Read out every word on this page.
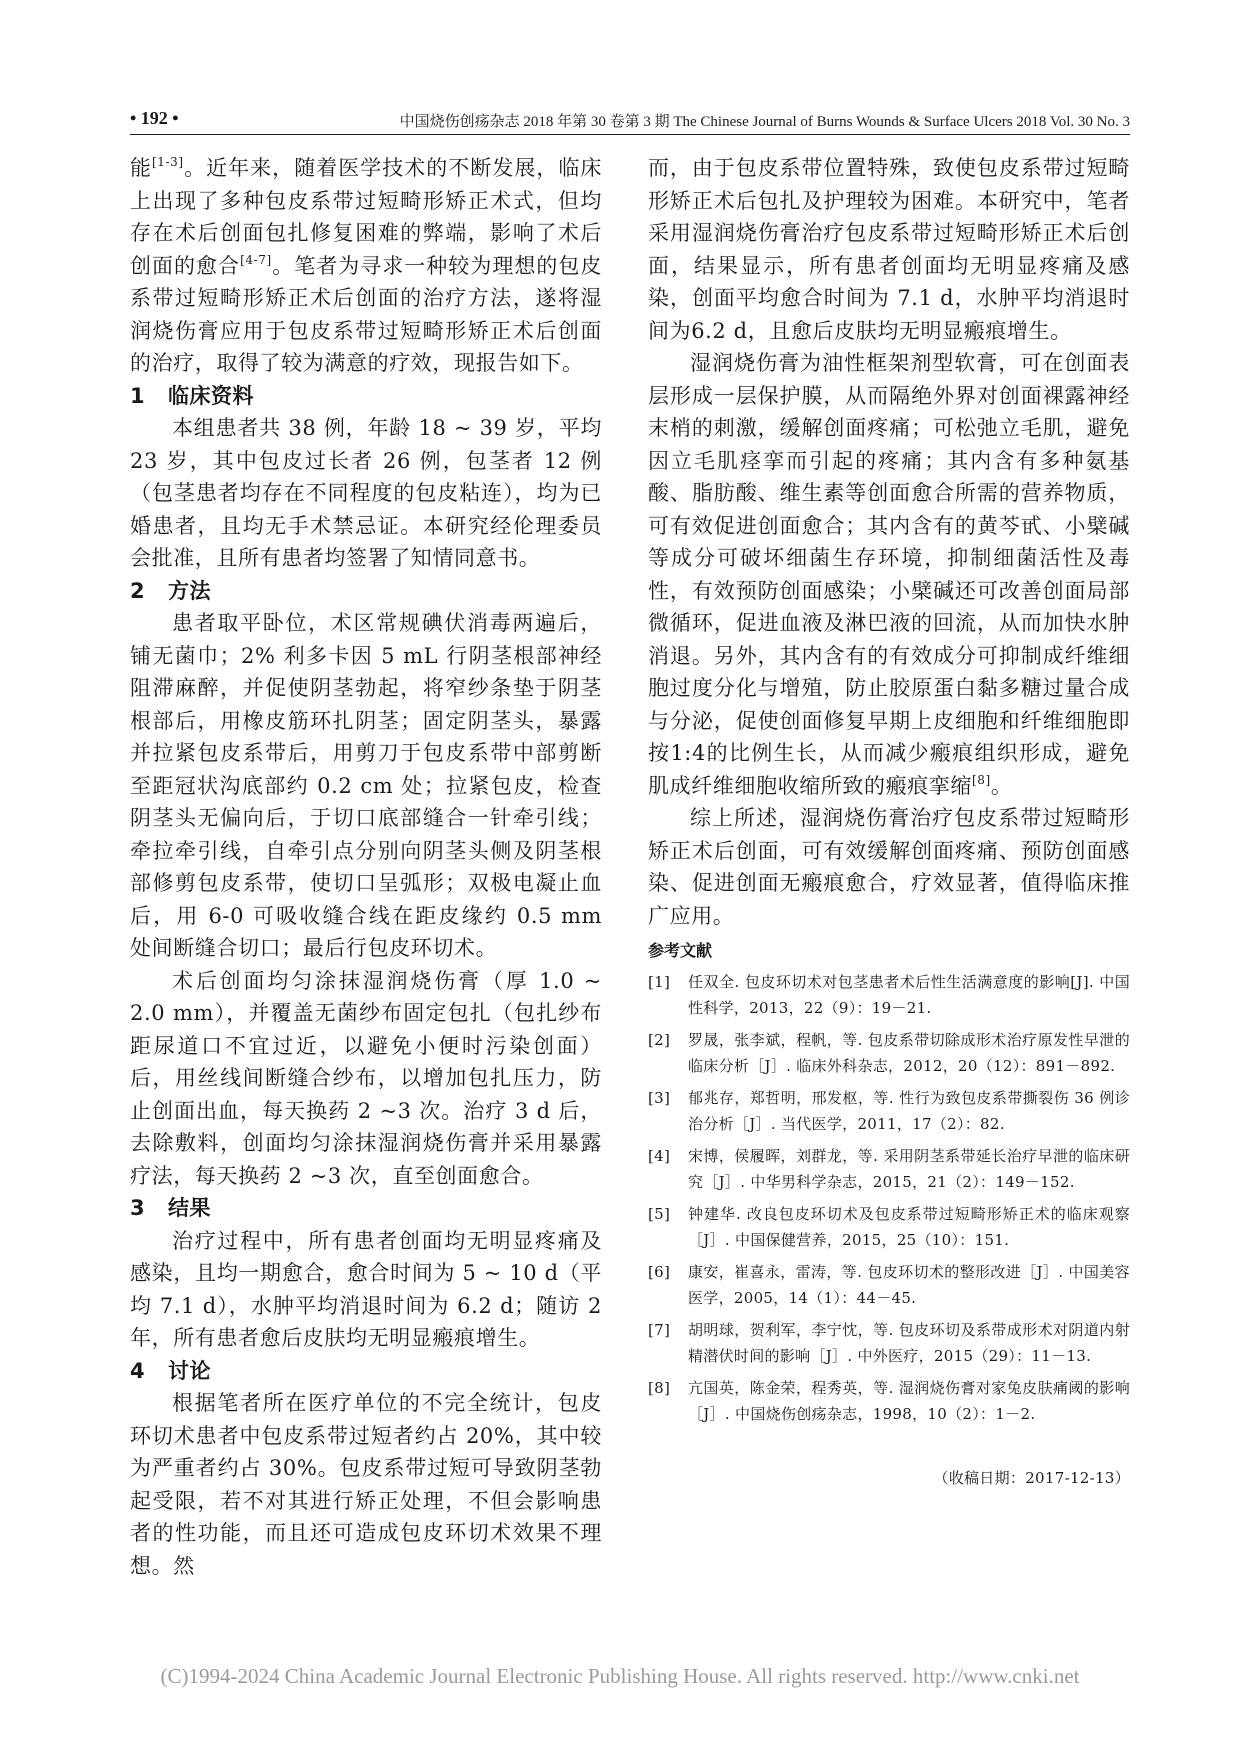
• 192 •	中国烧伤创疡杂志 2018 年第 30 卷第 3 期 The Chinese Journal of Burns Wounds & Surface Ulcers 2018 Vol. 30 No. 3

能[1-3]。近年来，随着医学技术的不断发展，临床上出现了多种包皮系带过短畸形矫正术式，但均存在术后创面包扎修复困难的弊端，影响了术后创面的愈合[4-7]。笔者为寻求一种较为理想的包皮系带过短畸形矫正术后创面的治疗方法，遂将湿润烧伤膏应用于包皮系带过短畸形矫正术后创面的治疗，取得了较为满意的疗效，现报告如下。

1 临床资料

本组患者共 38 例，年龄 18 ~ 39 岁，平均 23 岁，其中包皮过长者 26 例，包茎者 12 例（包茎患者均存在不同程度的包皮粘连），均为已婚患者，且均无手术禁忌证。本研究经伦理委员会批准，且所有患者均签署了知情同意书。

2 方法

患者取平卧位，术区常规碘伏消毒两遍后，铺无菌巾；2% 利多卡因 5 mL 行阴茎根部神经阻滞麻醉，并促使阴茎勃起，将窄纱条垫于阴茎根部后，用橡皮筋环扎阴茎；固定阴茎头，暴露并拉紧包皮系带后，用剪刀于包皮系带中部剪断至距冠状沟底部约 0.2 cm 处；拉紧包皮，检查阴茎头无偏向后，于切口底部缝合一针牵引线；牵拉牵引线，自牵引点分别向阴茎头侧及阴茎根部修剪包皮系带，使切口呈弧形；双极电凝止血后，用 6-0 可吸收缝合线在距皮缘约 0.5 mm 处间断缝合切口；最后行包皮环切术。

术后创面均匀涂抹湿润烧伤膏（厚 1.0 ~ 2.0 mm），并覆盖无菌纱布固定包扎（包扎纱布距尿道口不宜过近，以避免小便时污染创面）后，用丝线间断缝合纱布，以增加包扎压力，防止创面出血，每天换药 2 ~3 次。治疗 3 d 后，去除敷料，创面均匀涂抹湿润烧伤膏并采用暴露疗法，每天换药 2 ~3 次，直至创面愈合。

3 结果

治疗过程中，所有患者创面均无明显疼痛及感染，且均一期愈合，愈合时间为 5 ~ 10 d（平均 7.1 d），水肿平均消退时间为 6.2 d；随访 2 年，所有患者愈后皮肤均无明显瘢痕增生。

4 讨论

根据笔者所在医疗单位的不完全统计，包皮环切术患者中包皮系带过短者约占 20%，其中较为严重者约占 30%。包皮系带过短可导致阴茎勃起受限，若不对其进行矫正处理，不但会影响患者的性功能，而且还可造成包皮环切术效果不理想。然

而，由于包皮系带位置特殊，致使包皮系带过短畸形矫正术后包扎及护理较为困难。本研究中，笔者采用湿润烧伤膏治疗包皮系带过短畸形矫正术后创面，结果显示，所有患者创面均无明显疼痛及感染，创面平均愈合时间为 7.1 d，水肿平均消退时间为6.2 d，且愈后皮肤均无明显瘢痕增生。

湿润烧伤膏为油性框架剂型软膏，可在创面表层形成一层保护膜，从而隔绝外界对创面裸露神经末梢的刺激，缓解创面疼痛；可松弛立毛肌，避免因立毛肌痉挛而引起的疼痛；其内含有多种氨基酸、脂肪酸、维生素等创面愈合所需的营养物质，可有效促进创面愈合；其内含有的黄芩甙、小檗碱等成分可破坏细菌生存环境，抑制细菌活性及毒性，有效预防创面感染；小檗碱还可改善创面局部微循环，促进血液及淋巴液的回流，从而加快水肿消退。另外，其内含有的有效成分可抑制成纤维细胞过度分化与增殖，防止胶原蛋白黏多糖过量合成与分泌，促使创面修复早期上皮细胞和纤维细胞即按1:4的比例生长，从而减少瘢痕组织形成，避免肌成纤维细胞收缩所致的瘢痕挛缩[8]。

综上所述，湿润烧伤膏治疗包皮系带过短畸形矫正术后创面，可有效缓解创面疼痛、预防创面感染、促进创面无瘢痕愈合，疗效显著，值得临床推广应用。

参考文献
[1] 任双全. 包皮环切术对包茎患者术后性生活满意度的影响[J]. 中国性科学，2013，22（9）：19－21.
[2] 罗晟，张李斌，程帆，等. 包皮系带切除成形术治疗原发性早泄的临床分析［J］. 临床外科杂志，2012，20（12）：891－892.
[3] 郁兆存，郑哲明，邢发枢，等. 性行为致包皮系带撕裂伤 36 例诊治分析［J］. 当代医学，2011，17（2）：82.
[4] 宋博，侯履晖，刘群龙，等. 采用阴茎系带延长治疗早泄的临床研究［J］. 中华男科学杂志，2015，21（2）：149－152.
[5] 钟建华. 改良包皮环切术及包皮系带过短畸形矫正术的临床观察［J］. 中国保健营养，2015，25（10）：151.
[6] 康安，崔喜永，雷涛，等. 包皮环切术的整形改进［J］. 中国美容医学，2005，14（1）：44－45.
[7] 胡明球，贺利军，李宁忱，等. 包皮环切及系带成形术对阴道内射精潜伏时间的影响［J］. 中外医疗，2015（29）：11－13.
[8] 亢国英，陈金荣，程秀英，等. 湿润烧伤膏对家兔皮肤痛阈的影响［J］. 中国烧伤创疡杂志，1998，10（2）：1－2.
（收稿日期：2017-12-13）
(C)1994-2024 China Academic Journal Electronic Publishing House. All rights reserved. http://www.cnki.net
